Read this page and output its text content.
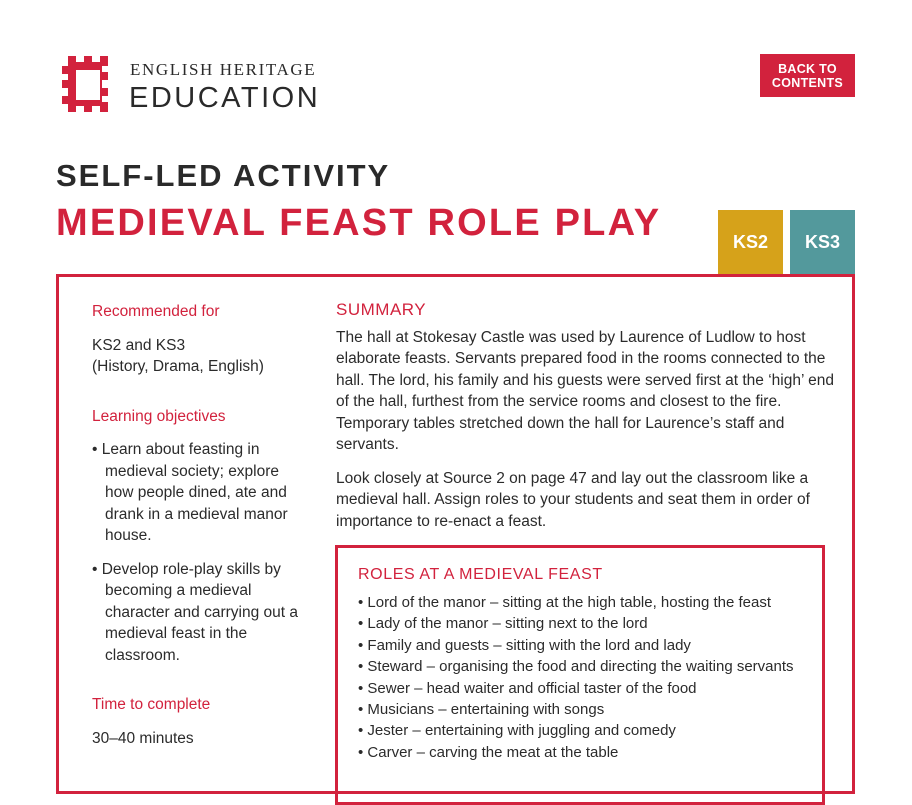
ENGLISH HERITAGE
EDUCATION
BACK TO CONTENTS
SELF-LED ACTIVITY
MEDIEVAL FEAST ROLE PLAY	KS2	KS3
Recommended for

KS2 and KS3
(History, Drama, English)

Learning objectives
• Learn about feasting in medieval society; explore how people dined, ate and drank in a medieval manor house.
• Develop role-play skills by becoming a medieval character and carrying out a medieval feast in the classroom.
Time to complete

30–40 minutes

SUMMARY

The hall at Stokesay Castle was used by Laurence of Ludlow to host elaborate feasts. Servants prepared food in the rooms connected to the hall. The lord, his family and his guests were served first at the ‘high’ end of the hall, furthest from the service rooms and closest to the fire. Temporary tables stretched down the hall for Laurence’s staff and servants.

Look closely at Source 2 on page 47 and lay out the classroom like a medieval hall. Assign roles to your students and seat them in order of importance to re-enact a feast.

ROLES AT A MEDIEVAL FEAST
• Lord of the manor – sitting at the high table, hosting the feast
• Lady of the manor – sitting next to the lord
• Family and guests – sitting with the lord and lady
• Steward – organising the food and directing the waiting servants
• Sewer – head waiter and official taster of the food
• Musicians – entertaining with songs
• Jester – entertaining with juggling and comedy
• Carver – carving the meat at the table
